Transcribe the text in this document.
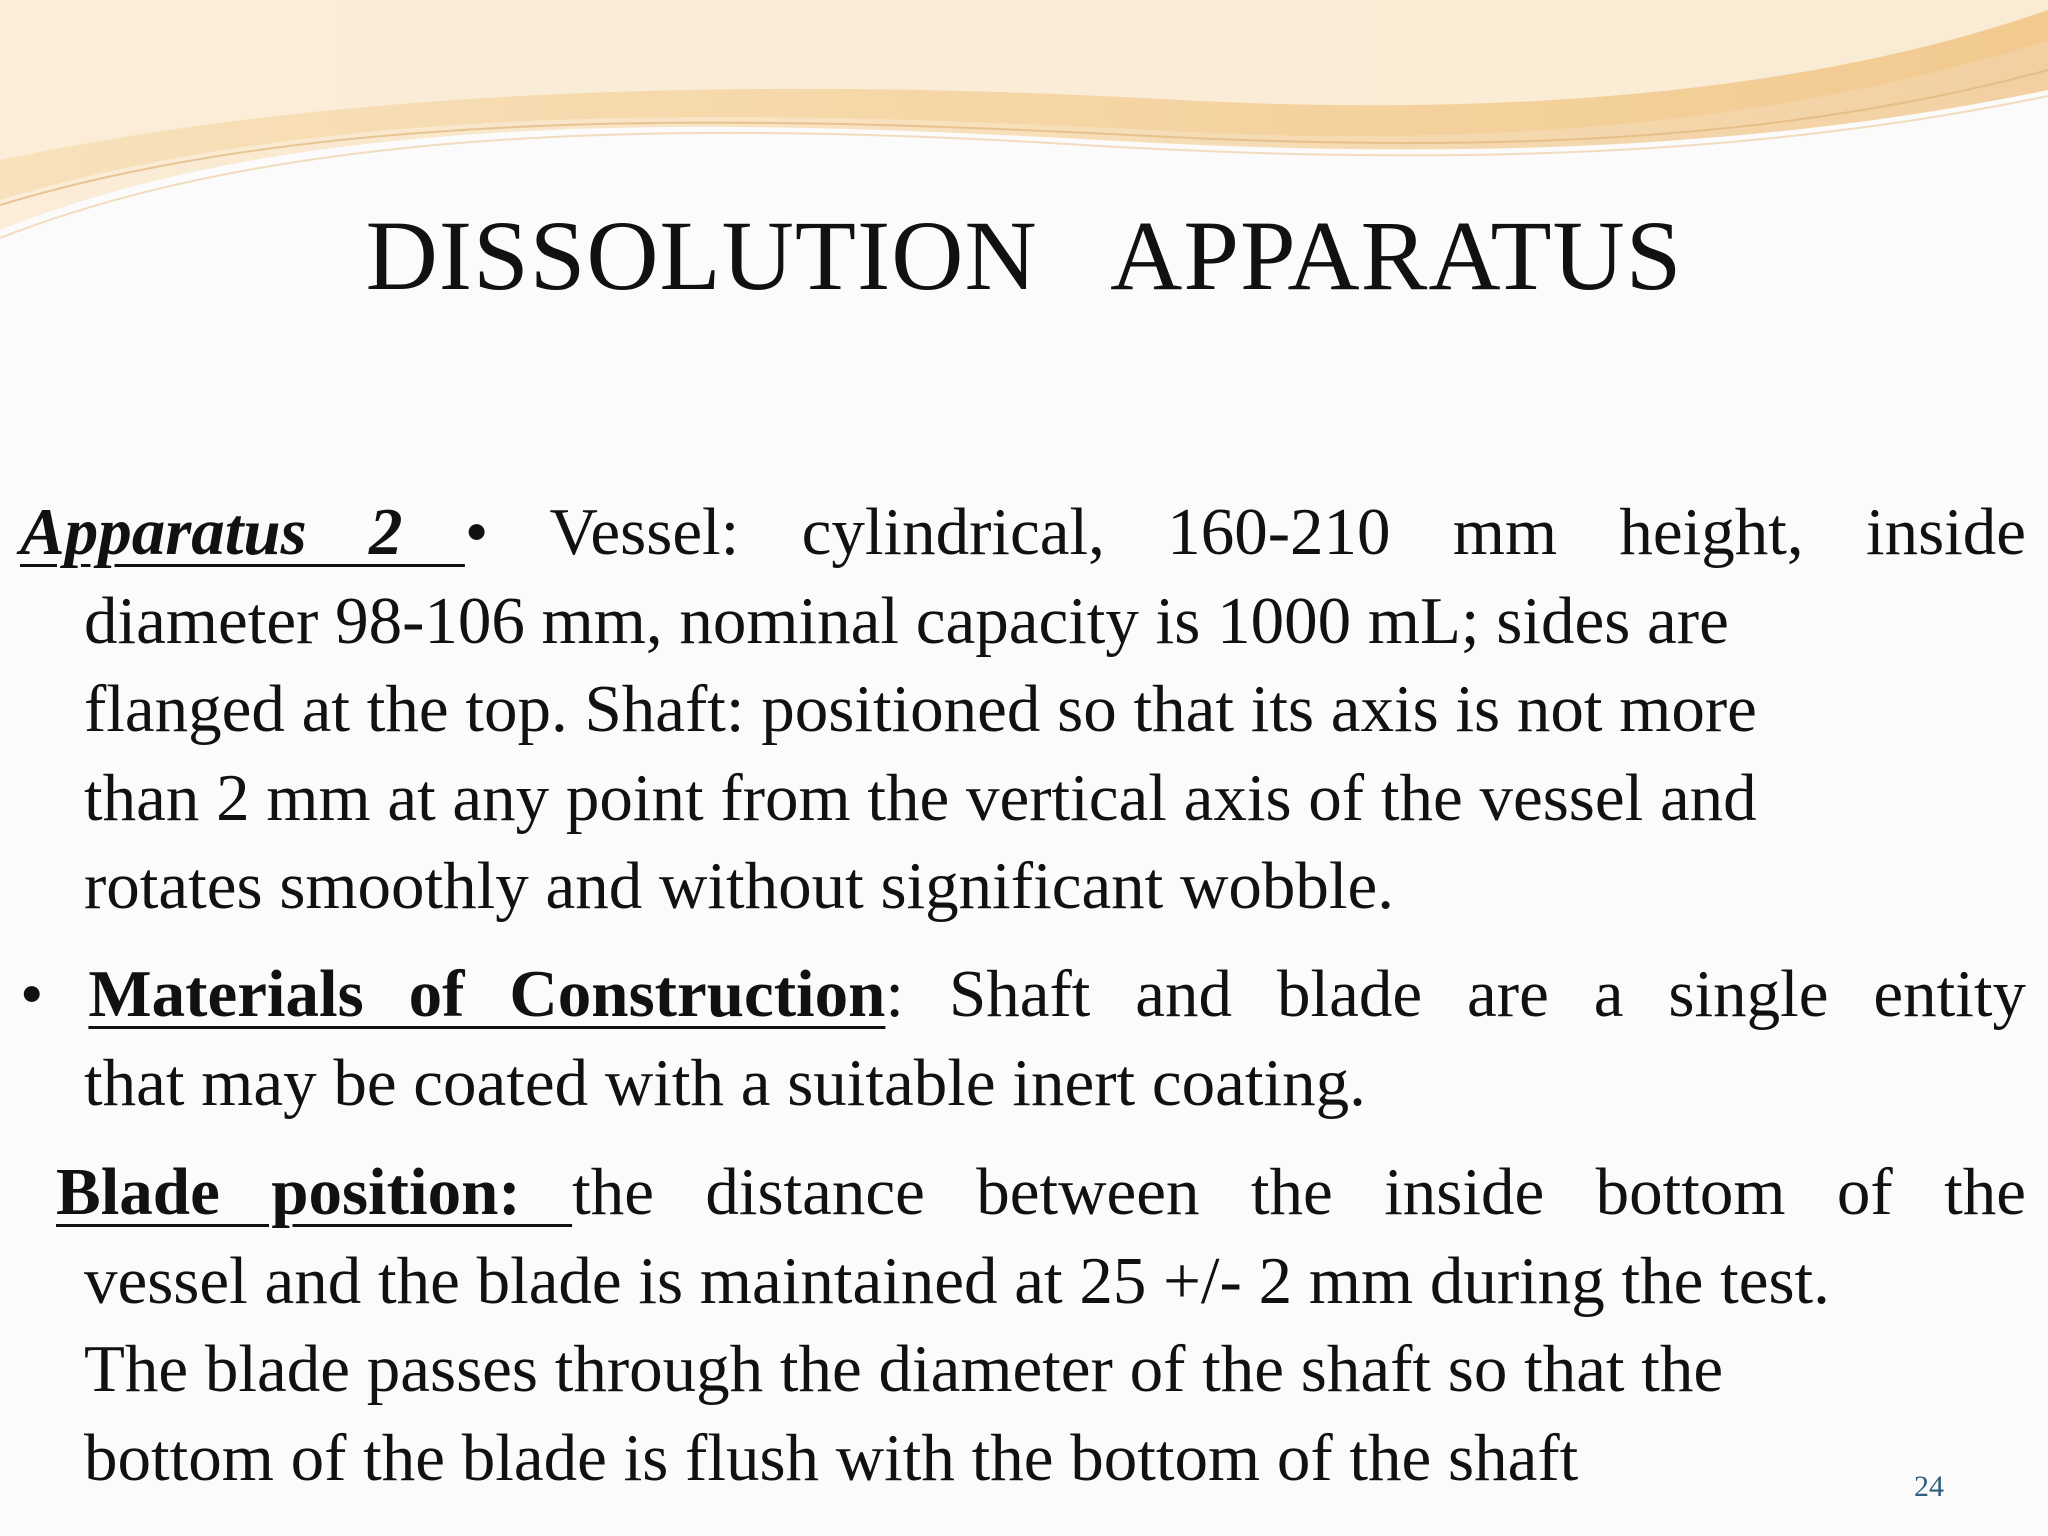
DISSOLUTION   APPARATUS
Apparatus 2 • Vessel: cylindrical, 160-210 mm height, inside
diameter 98-106 mm, nominal capacity is 1000 mL; sides are
flanged at the top. Shaft: positioned so that its axis is not more
than 2 mm at any point from the vertical axis of the vessel and
rotates smoothly and without significant wobble.
• Materials of Construction: Shaft and blade are a single entity
that may be coated with a suitable inert coating.
Blade position: the distance between the inside bottom of the
vessel and the blade is maintained at 25 +/- 2 mm during the test.
The blade passes through the diameter of the shaft so that the
bottom of the blade is flush with the bottom of the shaft	24
